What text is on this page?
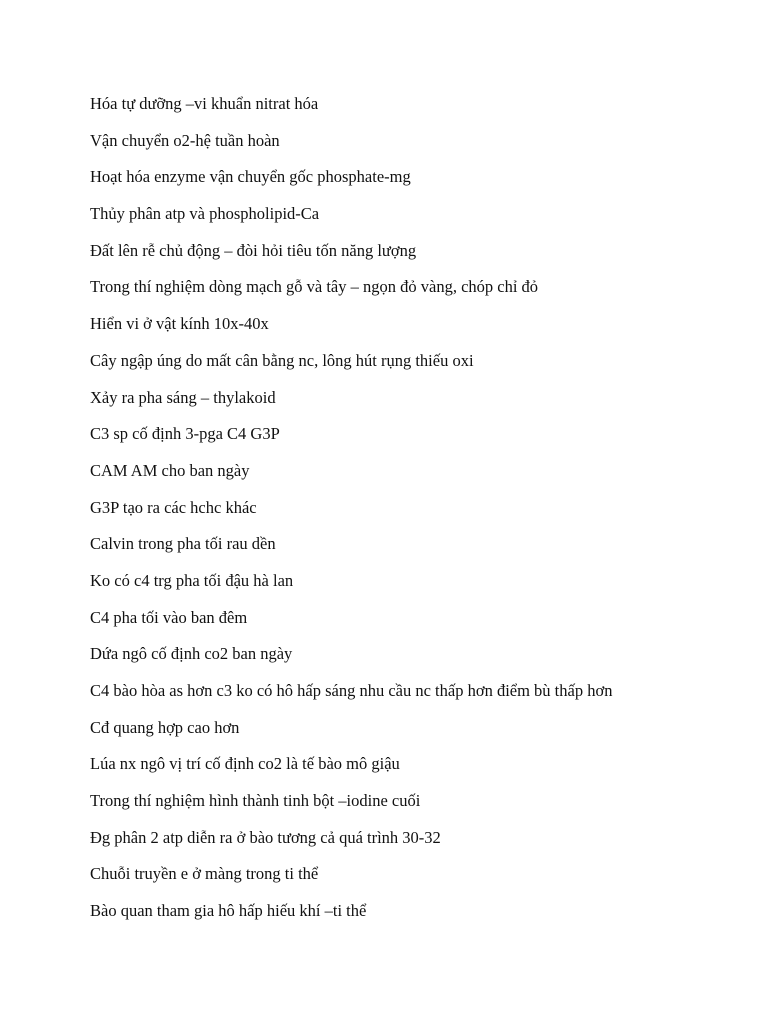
Hóa tự dưỡng –vi khuẩn nitrat hóa
Vận chuyển o2-hệ tuần hoàn
Hoạt hóa enzyme vận chuyển gốc phosphate-mg
Thủy phân atp và phospholipid-Ca
Đất lên rễ chủ động – đòi hỏi tiêu tốn năng lượng
Trong thí nghiệm dòng mạch gỗ và tây – ngọn đỏ vàng, chóp chỉ đỏ
Hiển vi ở vật kính 10x-40x
Cây ngập úng do mất cân bằng nc, lông hút rụng thiếu oxi
Xảy ra pha sáng – thylakoid
C3 sp cố định 3-pga C4 G3P
CAM AM cho ban ngày
G3P tạo ra các hchc khác
Calvin trong pha tối rau dền
Ko có c4 trg pha tối đậu hà lan
C4 pha tối vào ban đêm
Dứa ngô cố định co2 ban ngày
C4 bào hòa as hơn c3 ko có hô hấp sáng nhu cầu nc thấp hơn điểm bù thấp hơn
Cđ quang hợp cao hơn
Lúa nx ngô vị trí cố định co2 là tế bào mô giậu
Trong thí nghiệm hình thành tinh bột –iodine cuối
Đg phân 2 atp diễn ra ở bào tương cả quá trình 30-32
Chuỗi truyền e ở màng trong ti thể
Bào quan tham gia hô hấp hiếu khí –ti thể
